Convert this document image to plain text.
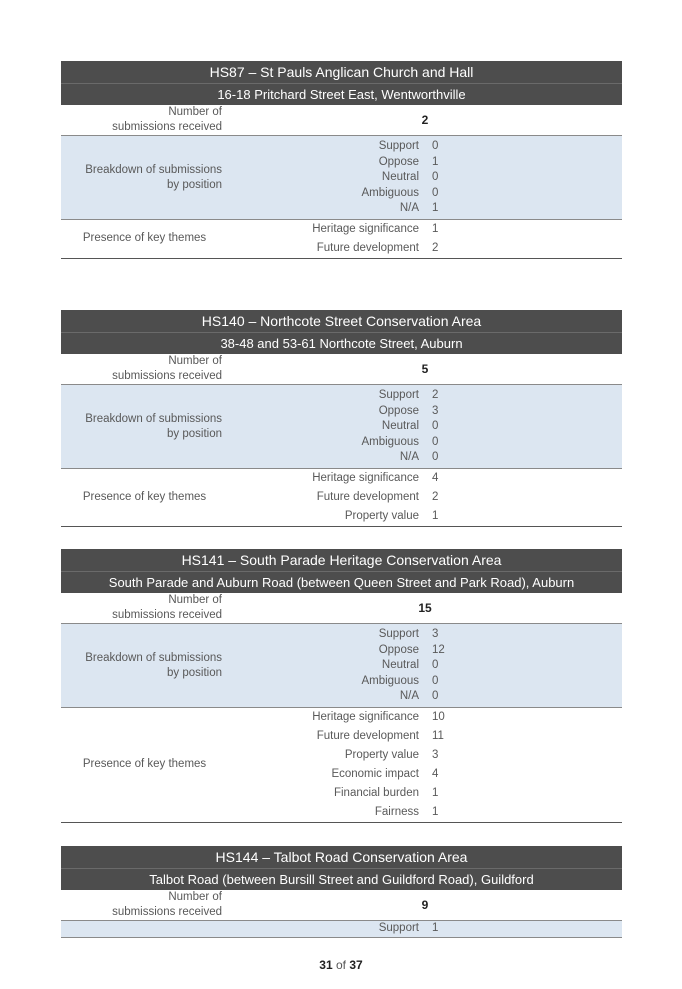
HS87 – St Pauls Anglican Church and Hall
16-18 Pritchard Street East, Wentworthville
Number of
submissions received	2
Breakdown of submissions
by position
Support	0
Oppose	1
Neutral	0
Ambiguous	0
N/A	1
Presence of key themes
Heritage significance	1
Future development	2
HS140 – Northcote Street Conservation Area
38-48 and 53-61 Northcote Street, Auburn
Number of
submissions received	5
Breakdown of submissions
by position
Support	2
Oppose	3
Neutral	0
Ambiguous	0
N/A	0
Presence of key themes
Heritage significance	4
Future development	2
Property value	1
HS141 – South Parade Heritage Conservation Area
South Parade and Auburn Road (between Queen Street and Park Road), Auburn
Number of
submissions received	15
Breakdown of submissions
by position
Support	3
Oppose	12
Neutral	0
Ambiguous	0
N/A	0
Presence of key themes
Heritage significance	10
Future development	11
Property value	3
Economic impact	4
Financial burden	1
Fairness	1
HS144 – Talbot Road Conservation Area
Talbot Road (between Bursill Street and Guildford Road), Guildford
Number of
submissions received	9
Support	1
31 of 37
